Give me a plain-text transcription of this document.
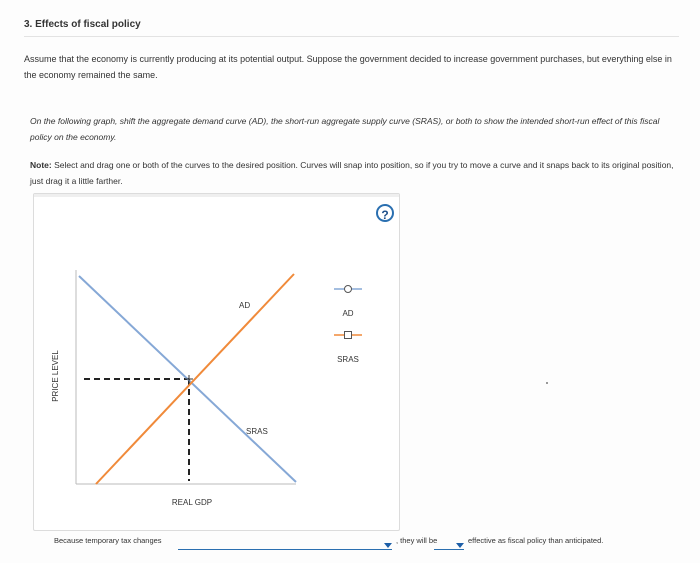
3. Effects of fiscal policy
Assume that the economy is currently producing at its potential output. Suppose the government decided to increase government purchases, but everything else in the economy remained the same.
On the following graph, shift the aggregate demand curve (AD), the short-run aggregate supply curve (SRAS), or both to show the intended short-run effect of this fiscal policy on the economy.
Note: Select and drag one or both of the curves to the desired position. Curves will snap into position, so if you try to move a curve and it snaps back to its original position, just drag it a little farther.
AD
SRAS
PRICE LEVEL
REAL GDP
AD
SRAS
?
Because temporary tax changes	, they will be	effective as fiscal policy than anticipated.
